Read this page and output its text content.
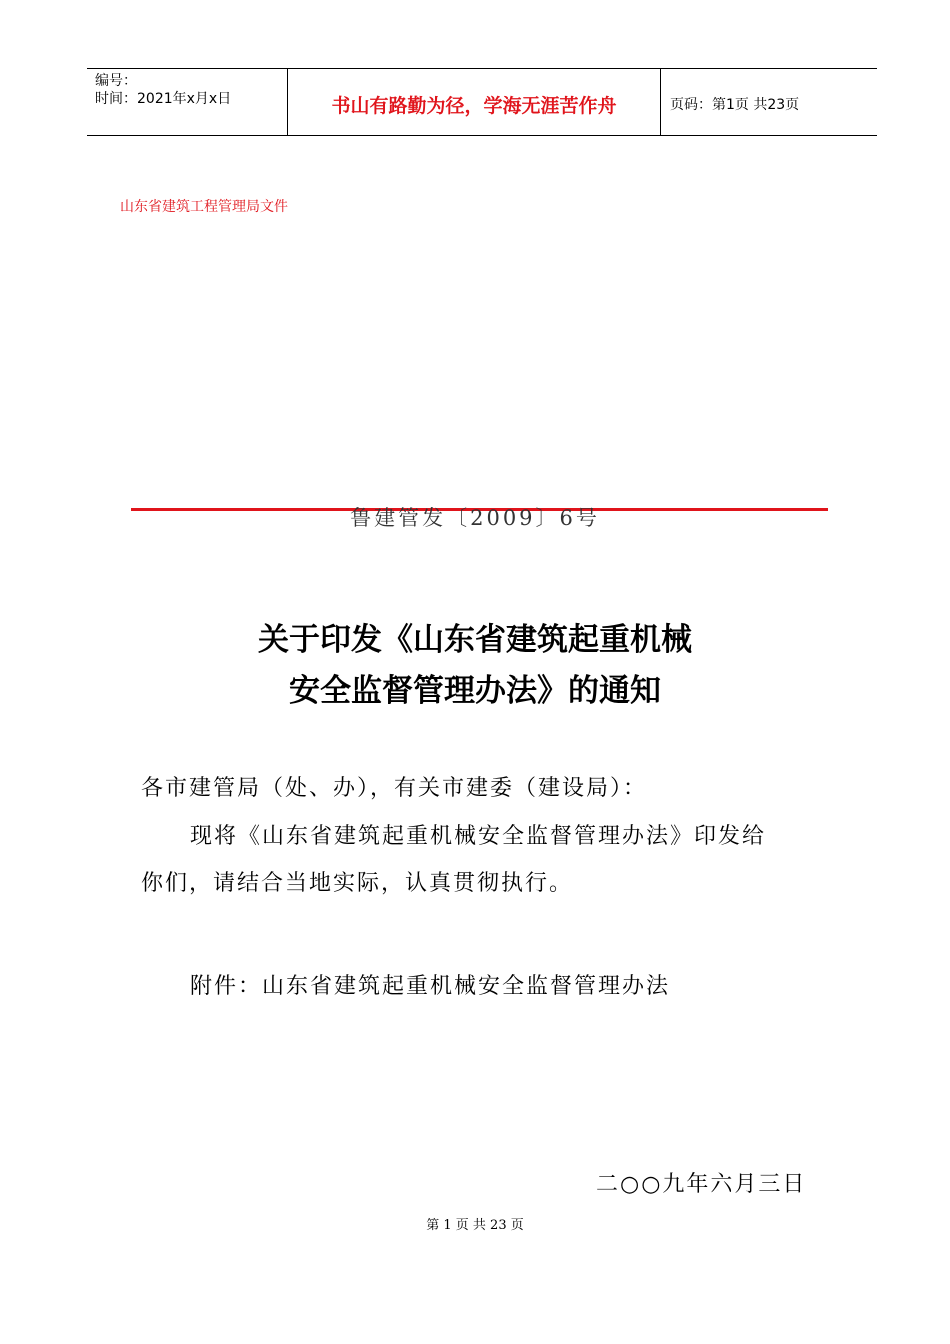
编号：
时间：2021年x月x日	书山有路勤为径，学海无涯苦作舟	页码：第1页 共23页
山东省建筑工程管理局文件
鲁建管发〔2009〕6号
关于印发《山东省建筑起重机械
安全监督管理办法》的通知
各市建管局（处、办），有关市建委（建设局）：
现将《山东省建筑起重机械安全监督管理办法》印发给
你们，请结合当地实际，认真贯彻执行。
附件：山东省建筑起重机械安全监督管理办法
二○○九年六月三日
第 1 页 共 23 页
